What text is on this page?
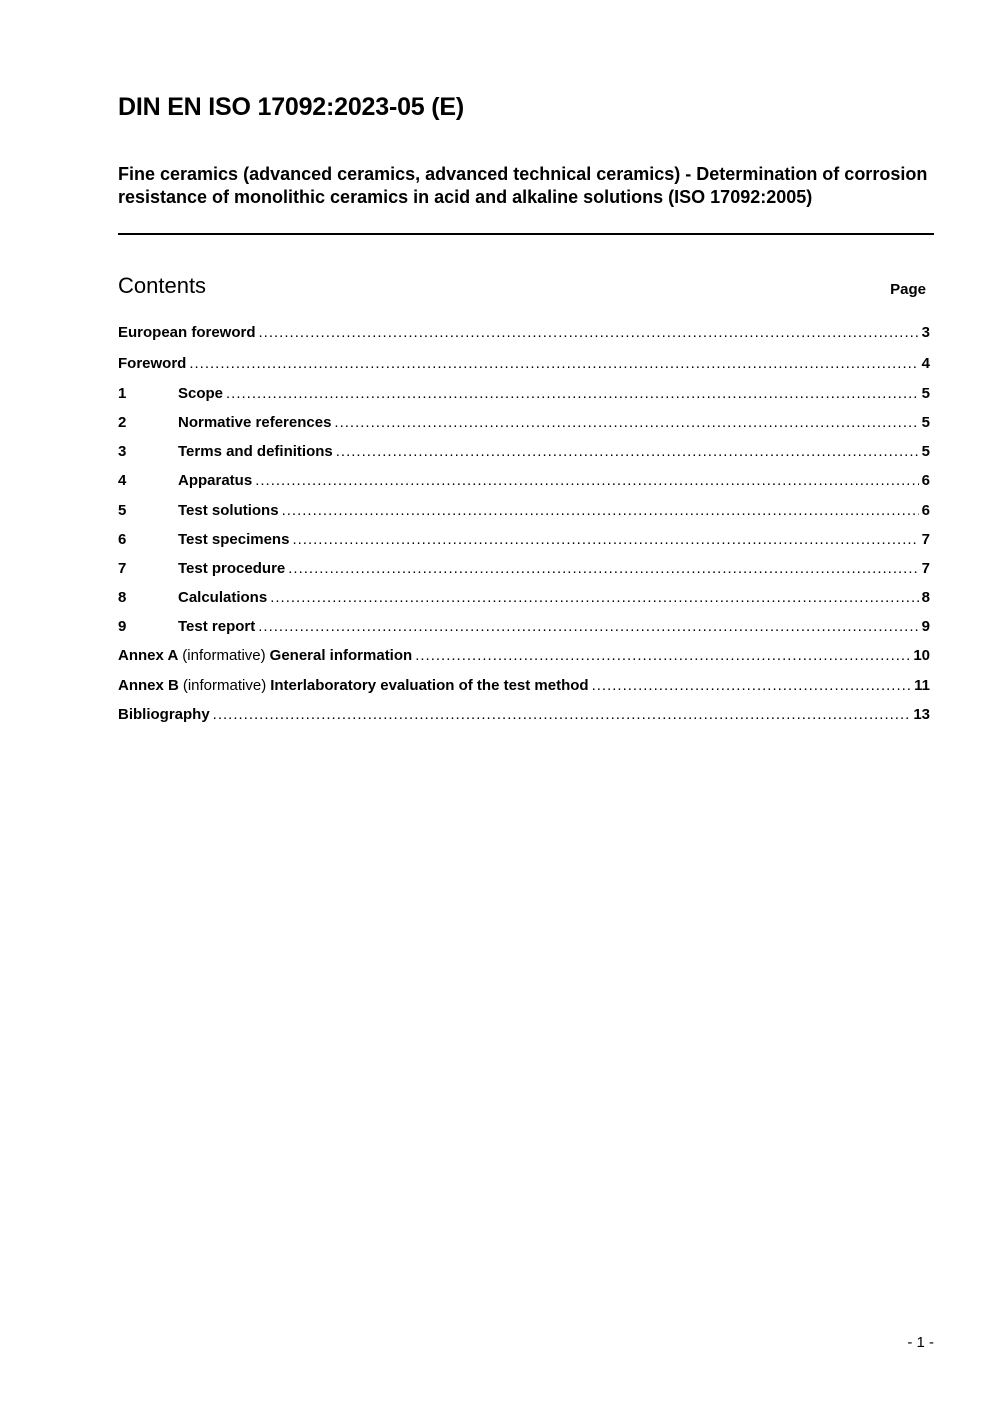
DIN EN ISO 17092:2023-05 (E)
Fine ceramics (advanced ceramics, advanced technical ceramics) - Determination of corrosion resistance of monolithic ceramics in acid and alkaline solutions (ISO 17092:2005)
Contents	Page
European foreword .....	3
Foreword .....	4
1	Scope .....	5
2	Normative references .....	5
3	Terms and definitions .....	5
4	Apparatus .....	6
5	Test solutions .....	6
6	Test specimens .....	7
7	Test procedure .....	7
8	Calculations .....	8
9	Test report .....	9
Annex A (informative) General information .....	10
Annex B (informative) Interlaboratory evaluation of the test method .....	11
Bibliography .....	13
- 1 -
